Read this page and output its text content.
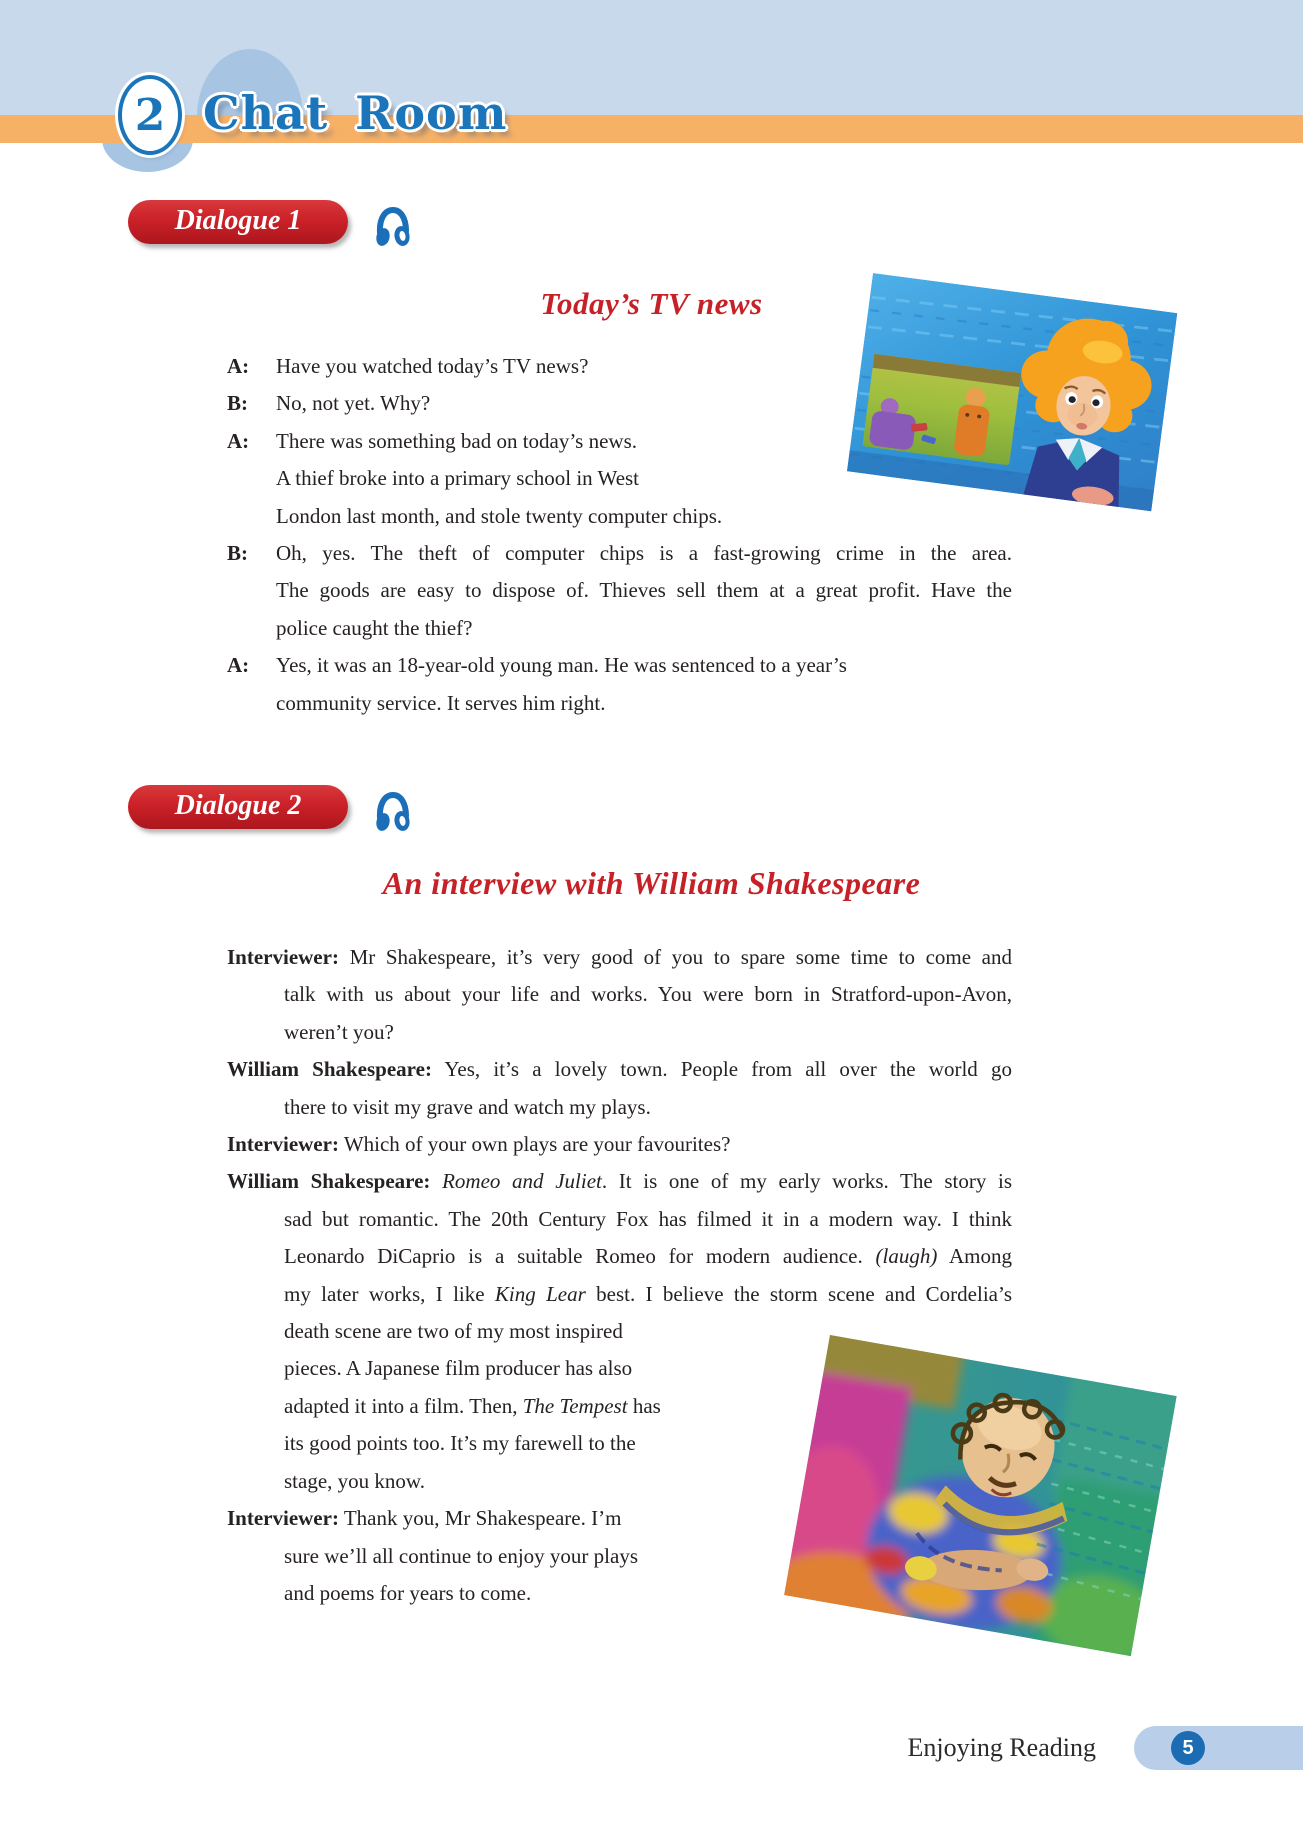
2 Chat Room
Dialogue 1
Today’s TV news
A: Have you watched today’s TV news?
B: No, not yet. Why?
A: There was something bad on today’s news.
A thief broke into a primary school in West
London last month, and stole twenty computer chips.
B: Oh, yes. The theft of computer chips is a fast-growing crime in the area.
The goods are easy to dispose of. Thieves sell them at a great profit. Have the
police caught the thief?
A: Yes, it was an 18-year-old young man. He was sentenced to a year’s
community service. It serves him right.
Dialogue 2
An interview with William Shakespeare
Interviewer: Mr Shakespeare, it’s very good of you to spare some time to come and
talk with us about your life and works. You were born in Stratford-upon-Avon,
weren’t you?
William Shakespeare: Yes, it’s a lovely town. People from all over the world go
there to visit my grave and watch my plays.
Interviewer: Which of your own plays are your favourites?
William Shakespeare: Romeo and Juliet. It is one of my early works. The story is
sad but romantic. The 20th Century Fox has filmed it in a modern way. I think
Leonardo DiCaprio is a suitable Romeo for modern audience. (laugh) Among
my later works, I like King Lear best. I believe the storm scene and Cordelia’s
death scene are two of my most inspired
pieces. A Japanese film producer has also
adapted it into a film. Then, The Tempest has
its good points too. It’s my farewell to the
stage, you know.
Interviewer: Thank you, Mr Shakespeare. I’m
sure we’ll all continue to enjoy your plays
and poems for years to come.
Enjoying Reading	5
